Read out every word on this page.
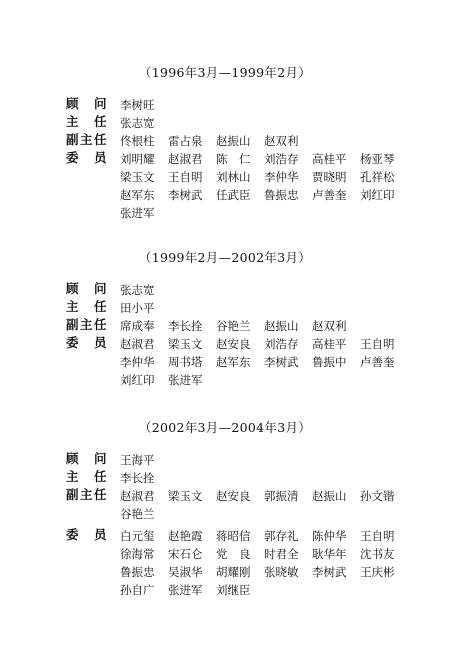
（1996年3月—1999年2月）
顾 问 李树旺
主 任 张志宽
副 主 任 佟根柱 雷占泉 赵振山 赵双利
委 员 刘明耀 赵淑君 陈　仁 刘浩存 高桂平 杨亚琴
梁玉文 王自明 刘林山 李仲华 贾晓明 孔祥松
赵军东 李树武 任武臣 鲁振忠 卢善奎 刘红印
张进军
（1999年2月—2002年3月）
顾 问 张志宽
主 任 田小平
副 主 任 席成奉 李长拴 谷艳兰 赵振山 赵双利
委 员 赵淑君 梁玉文 赵安良 刘浩存 高桂平 王自明
李仲华 周书塔 赵军东 李树武 鲁振中 卢善奎
刘红印 张进军
（2002年3月—2004年3月）
顾 问 王海平
主 任 李长拴
副 主 任 赵淑君 梁玉文 赵安良 郭振清 赵振山 孙文锴
谷艳兰
委 员 白元玺 赵艳霞 蒋昭信 郭存礼 陈仲华 王自明
徐海常 宋石仑 党　良 时君全 耿华年 沈书友
鲁振忠 吴淑华 胡耀刚 张晓敏 李树武 王庆彬
孙自广 张进军 刘继臣
